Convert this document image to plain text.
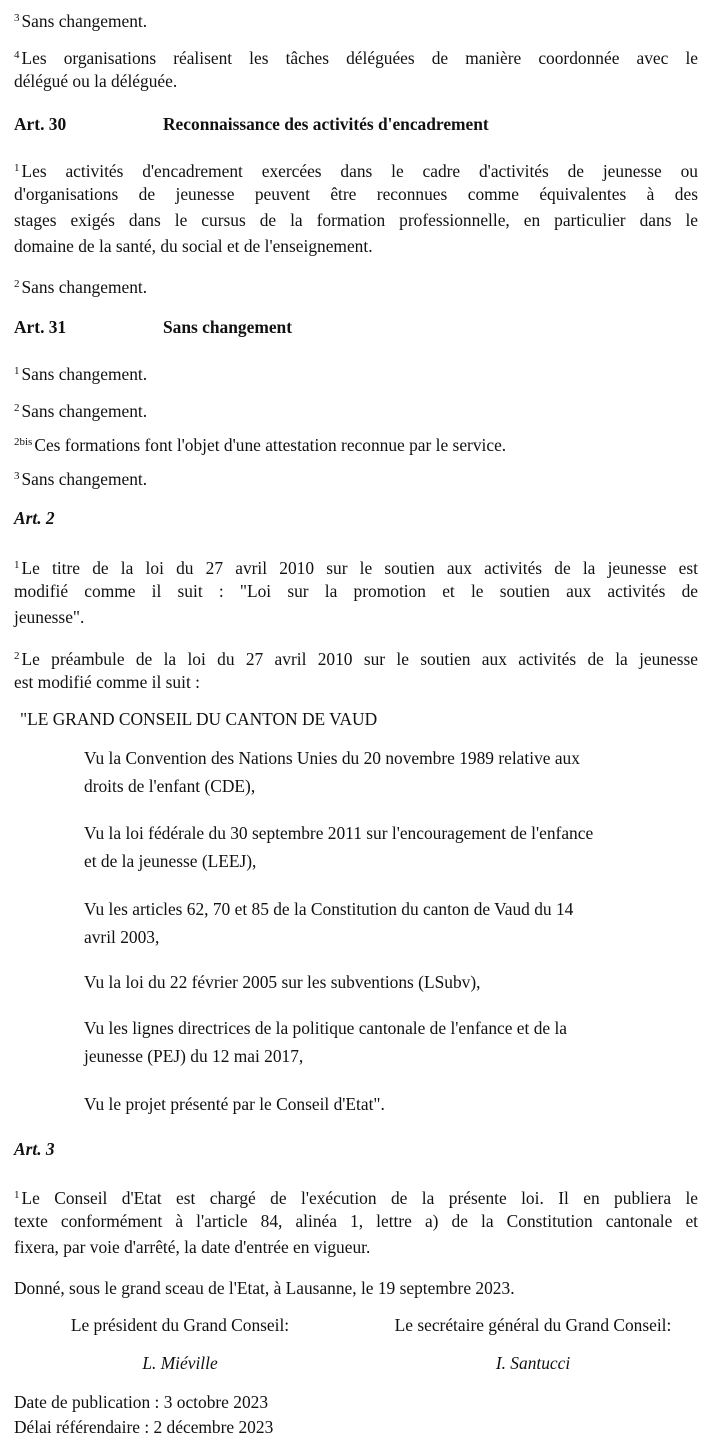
$^3$ Sans changement.
$^4$ Les organisations réalisent les tâches déléguées de manière coordonnée avec le
délégué ou la déléguée.
Art. 30	Reconnaissance des activités d'encadrement
$^1$ Les activités d'encadrement exercées dans le cadre d'activités de jeunesse ou
d'organisations de jeunesse peuvent être reconnues comme équivalentes à des
stages exigés dans le cursus de la formation professionnelle, en particulier dans le
domaine de la santé, du social et de l'enseignement.
$^2$ Sans changement.
Art. 31	Sans changement
$^1$ Sans changement.
$^2$ Sans changement.
$^{2bis}$ Ces formations font l'objet d'une attestation reconnue par le service.
$^3$ Sans changement.
Art. 2
$^1$ Le titre de la loi du 27 avril 2010 sur le soutien aux activités de la jeunesse est
modifié comme il suit : "Loi sur la promotion et le soutien aux activités de
jeunesse".
$^2$ Le préambule de la loi du 27 avril 2010 sur le soutien aux activités de la jeunesse
est modifié comme il suit :
"LE GRAND CONSEIL DU CANTON DE VAUD
Vu la Convention des Nations Unies du 20 novembre 1989 relative aux
droits de l'enfant (CDE),
Vu la loi fédérale du 30 septembre 2011 sur l'encouragement de l'enfance
et de la jeunesse (LEEJ),
Vu les articles 62, 70 et 85 de la Constitution du canton de Vaud du 14
avril 2003,
Vu la loi du 22 février 2005 sur les subventions (LSubv),
Vu les lignes directrices de la politique cantonale de l'enfance et de la
jeunesse (PEJ) du 12 mai 2017,
Vu le projet présenté par le Conseil d'Etat".
Art. 3
$^1$ Le Conseil d'Etat est chargé de l'exécution de la présente loi. Il en publiera le
texte conformément à l'article 84, alinéa 1, lettre a) de la Constitution cantonale et
fixera, par voie d'arrêté, la date d'entrée en vigueur.
Donné, sous le grand sceau de l'Etat, à Lausanne, le 19 septembre 2023.
Le président du Grand Conseil:	Le secrétaire général du Grand Conseil:
L. Miéville	I. Santucci
Date de publication : 3 octobre 2023
Délai référendaire : 2 décembre 2023
